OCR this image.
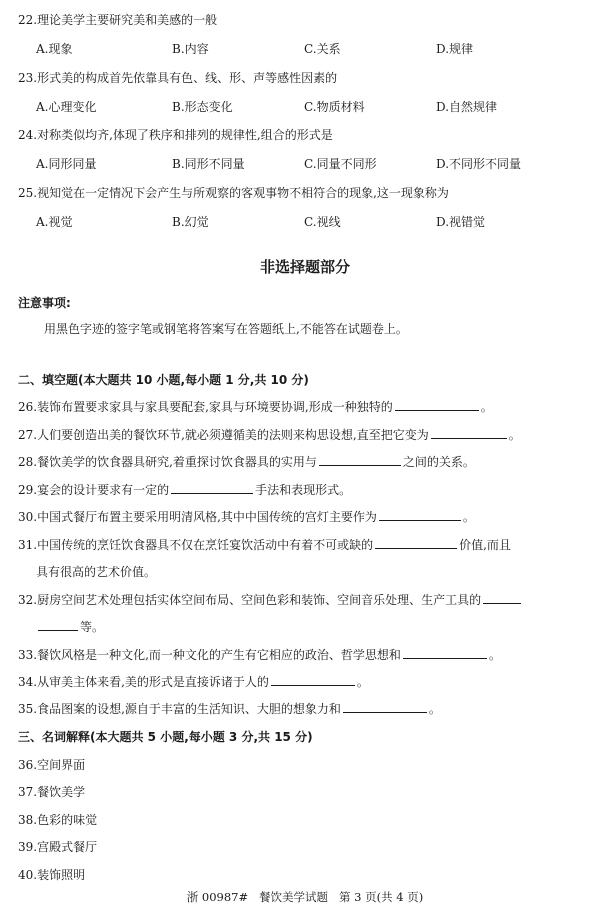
22.理论美学主要研究美和美感的一般
A.现象	B.内容	C.关系	D.规律
23.形式美的构成首先依靠具有色、线、形、声等感性因素的
A.心理变化	B.形态变化	C.物质材料	D.自然规律
24.对称类似均齐,体现了秩序和排列的规律性,组合的形式是
A.同形同量	B.同形不同量	C.同量不同形	D.不同形不同量
25.视知觉在一定情况下会产生与所观察的客观事物不相符合的现象,这一现象称为
A.视觉	B.幻觉	C.视线	D.视错觉
非选择题部分
注意事项:
用黑色字迹的签字笔或钢笔将答案写在答题纸上,不能答在试题卷上。
二、填空题(本大题共 10 小题,每小题 1 分,共 10 分)
26.装饰布置要求家具与家具要配套,家具与环境要协调,形成一种独特的	。
27.人们要创造出美的餐饮环节,就必须遵循美的法则来构思设想,直至把它变为	。
28.餐饮美学的饮食器具研究,着重探讨饮食器具的实用与	之间的关系。
29.宴会的设计要求有一定的	手法和表现形式。
30.中国式餐厅布置主要采用明清风格,其中中国传统的宫灯主要作为	。
31.中国传统的烹饪饮食器具不仅在烹饪宴饮活动中有着不可或缺的	价值,而且
具有很高的艺术价值。
32.厨房空间艺术处理包括实体空间布局、空间色彩和装饰、空间音乐处理、生产工具的
等。
33.餐饮风格是一种文化,而一种文化的产生有它相应的政治、哲学思想和	。
34.从审美主体来看,美的形式是直接诉诸于人的	。
35.食品图案的设想,源自于丰富的生活知识、大胆的想象力和	。
三、名词解释(本大题共 5 小题,每小题 3 分,共 15 分)
36.空间界面
37.餐饮美学
38.色彩的味觉
39.宫殿式餐厅
40.装饰照明
浙 00987#   餐饮美学试题   第 3 页(共 4 页)
